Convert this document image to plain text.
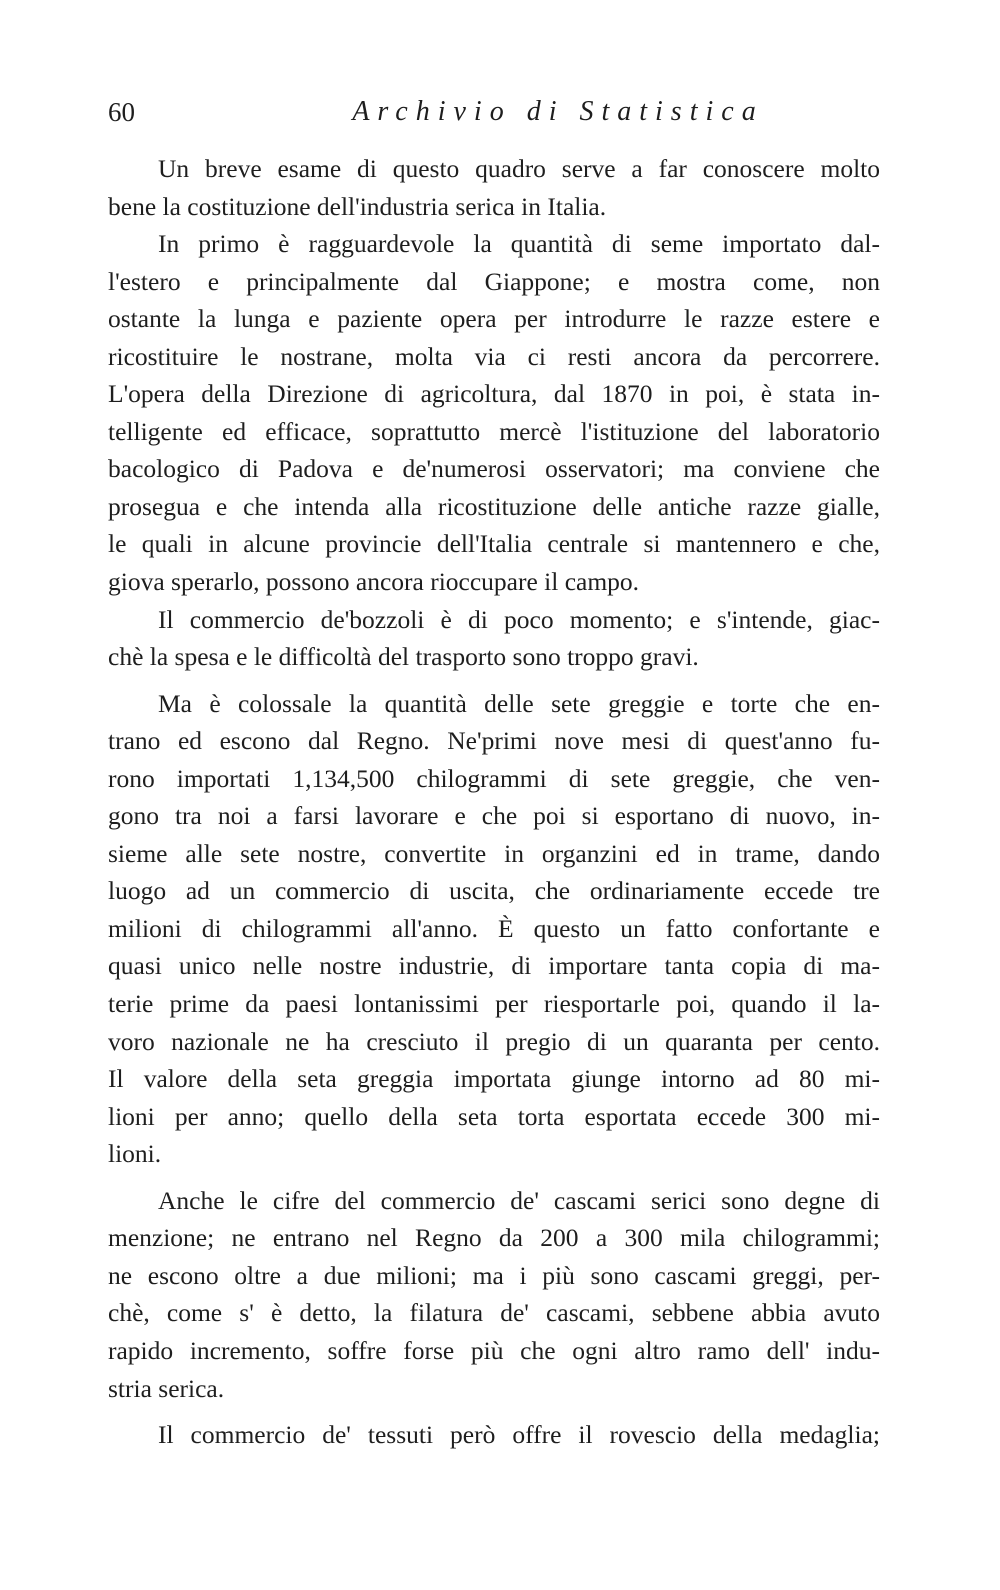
60	Archivio di Statistica
Un breve esame di questo quadro serve a far conoscere molto
bene la costituzione dell'industria serica in Italia.
In primo è ragguardevole la quantità di seme importato dal-
l'estero e principalmente dal Giappone; e mostra come, non
ostante la lunga e paziente opera per introdurre le razze estere e
ricostituire le nostrane, molta via ci resti ancora da percorrere.
L'opera della Direzione di agricoltura, dal 1870 in poi, è stata in-
telligente ed efficace, soprattutto mercè l'istituzione del laboratorio
bacologico di Padova e de'numerosi osservatori; ma conviene che
prosegua e che intenda alla ricostituzione delle antiche razze gialle,
le quali in alcune provincie dell'Italia centrale si mantennero e che,
giova sperarlo, possono ancora rioccupare il campo.
Il commercio de'bozzoli è di poco momento; e s'intende, giac-
chè la spesa e le difficoltà del trasporto sono troppo gravi.
Ma è colossale la quantità delle sete greggie e torte che en-
trano ed escono dal Regno. Ne'primi nove mesi di quest'anno fu-
rono importati 1,134,500 chilogrammi di sete greggie, che ven-
gono tra noi a farsi lavorare e che poi si esportano di nuovo, in-
sieme alle sete nostre, convertite in organzini ed in trame, dando
luogo ad un commercio di uscita, che ordinariamente eccede tre
milioni di chilogrammi all'anno. È questo un fatto confortante e
quasi unico nelle nostre industrie, di importare tanta copia di ma-
terie prime da paesi lontanissimi per riesportarle poi, quando il la-
voro nazionale ne ha cresciuto il pregio di un quaranta per cento.
Il valore della seta greggia importata giunge intorno ad 80 mi-
lioni per anno; quello della seta torta esportata eccede 300 mi-
lioni.
Anche le cifre del commercio de' cascami serici sono degne di
menzione; ne entrano nel Regno da 200 a 300 mila chilogrammi;
ne escono oltre a due milioni; ma i più sono cascami greggi, per-
chè, come s' è detto, la filatura de' cascami, sebbene abbia avuto
rapido incremento, soffre forse più che ogni altro ramo dell' indu-
stria serica.
Il commercio de' tessuti però offre il rovescio della medaglia;
